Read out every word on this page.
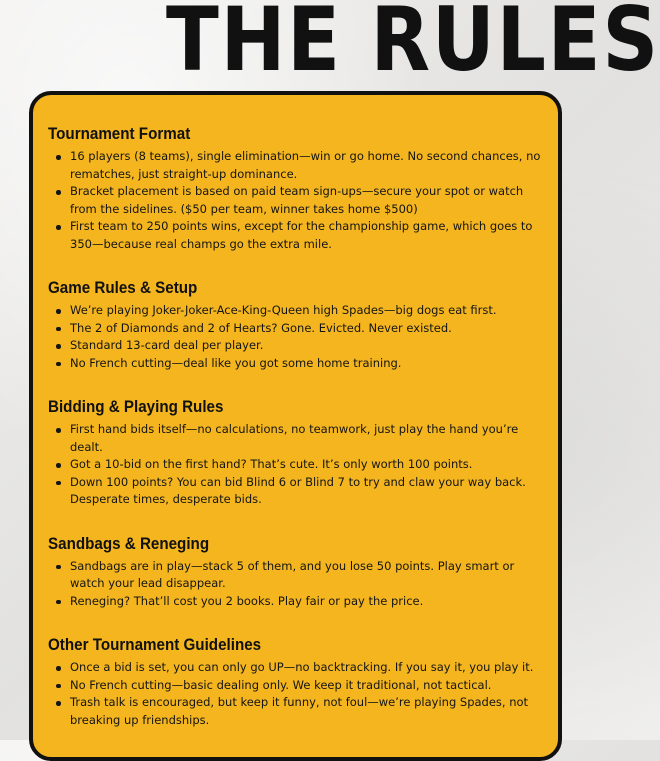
THE RULES
Tournament Format
16 players (8 teams), single elimination—win or go home. No second chances, no rematches, just straight-up dominance.
Bracket placement is based on paid team sign-ups—secure your spot or watch from the sidelines. ($50 per team, winner takes home $500)
First team to 250 points wins, except for the championship game, which goes to 350—because real champs go the extra mile.
Game Rules & Setup
We’re playing Joker-Joker-Ace-King-Queen high Spades—big dogs eat first.
The 2 of Diamonds and 2 of Hearts? Gone. Evicted. Never existed.
Standard 13-card deal per player.
No French cutting—deal like you got some home training.
Bidding & Playing Rules
First hand bids itself—no calculations, no teamwork, just play the hand you’re dealt.
Got a 10-bid on the first hand? That’s cute. It’s only worth 100 points.
Down 100 points? You can bid Blind 6 or Blind 7 to try and claw your way back. Desperate times, desperate bids.
Sandbags & Reneging
Sandbags are in play—stack 5 of them, and you lose 50 points. Play smart or watch your lead disappear.
Reneging? That’ll cost you 2 books. Play fair or pay the price.
Other Tournament Guidelines
Once a bid is set, you can only go UP—no backtracking. If you say it, you play it.
No French cutting—basic dealing only. We keep it traditional, not tactical.
Trash talk is encouraged, but keep it funny, not foul—we’re playing Spades, not breaking up friendships.
